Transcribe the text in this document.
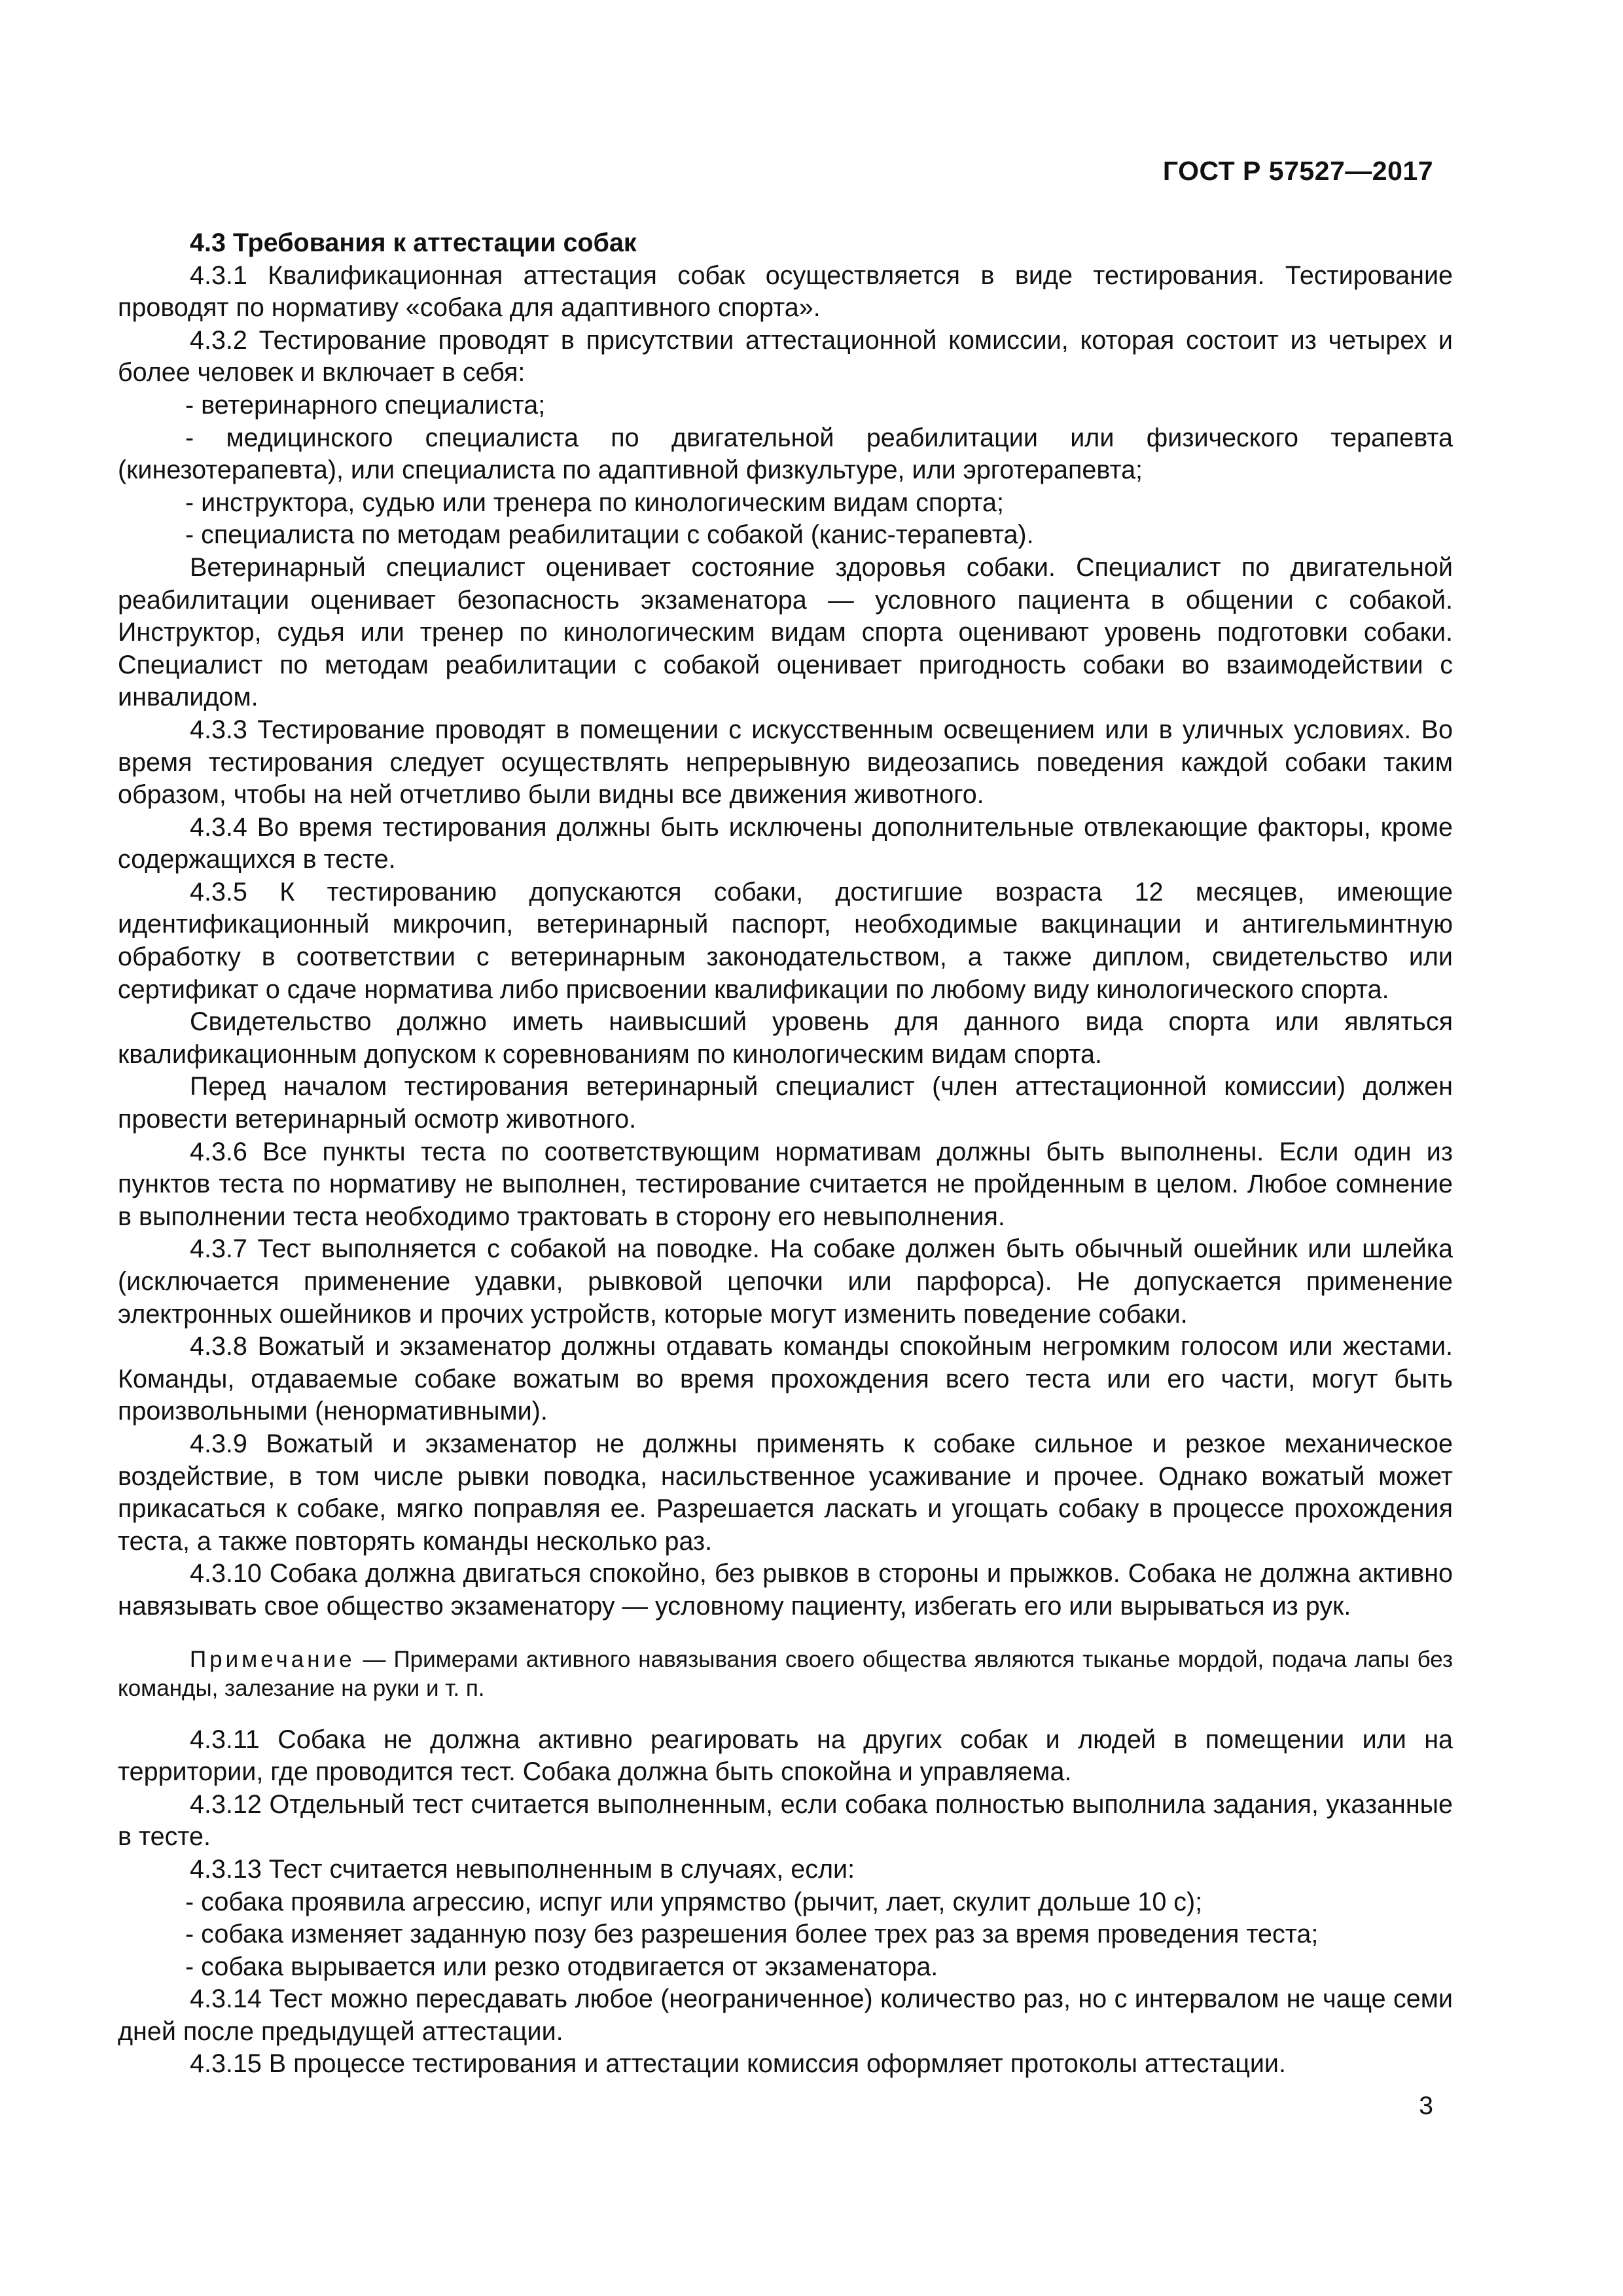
ГОСТ Р 57527—2017

4.3 Требования к аттестации собак

4.3.1 Квалификационная аттестация собак осуществляется в виде тестирования. Тестирование проводят по нормативу «собака для адаптивного спорта».

4.3.2 Тестирование проводят в присутствии аттестационной комиссии, которая состоит из четырех и более человек и включает в себя:

- ветеринарного специалиста;

- медицинского специалиста по двигательной реабилитации или физического терапевта (кинезотерапевта), или специалиста по адаптивной физкультуре, или эрготерапевта;

- инструктора, судью или тренера по кинологическим видам спорта;

- специалиста по методам реабилитации с собакой (канис-терапевта).

Ветеринарный специалист оценивает состояние здоровья собаки. Специалист по двигательной реабилитации оценивает безопасность экзаменатора — условного пациента в общении с собакой. Инструктор, судья или тренер по кинологическим видам спорта оценивают уровень подготовки собаки. Специалист по методам реабилитации с собакой оценивает пригодность собаки во взаимодействии с инвалидом.

4.3.3 Тестирование проводят в помещении с искусственным освещением или в уличных условиях. Во время тестирования следует осуществлять непрерывную видеозапись поведения каждой собаки таким образом, чтобы на ней отчетливо были видны все движения животного.

4.3.4 Во время тестирования должны быть исключены дополнительные отвлекающие факторы, кроме содержащихся в тесте.

4.3.5 К тестированию допускаются собаки, достигшие возраста 12 месяцев, имеющие идентификационный микрочип, ветеринарный паспорт, необходимые вакцинации и антигельминтную обработку в соответствии с ветеринарным законодательством, а также диплом, свидетельство или сертификат о сдаче норматива либо присвоении квалификации по любому виду кинологического спорта.

Свидетельство должно иметь наивысший уровень для данного вида спорта или являться квалификационным допуском к соревнованиям по кинологическим видам спорта.

Перед началом тестирования ветеринарный специалист (член аттестационной комиссии) должен провести ветеринарный осмотр животного.

4.3.6 Все пункты теста по соответствующим нормативам должны быть выполнены. Если один из пунктов теста по нормативу не выполнен, тестирование считается не пройденным в целом. Любое сомнение в выполнении теста необходимо трактовать в сторону его невыполнения.

4.3.7 Тест выполняется с собакой на поводке. На собаке должен быть обычный ошейник или шлейка (исключается применение удавки, рывковой цепочки или парфорса). Не допускается применение электронных ошейников и прочих устройств, которые могут изменить поведение собаки.

4.3.8 Вожатый и экзаменатор должны отдавать команды спокойным негромким голосом или жестами. Команды, отдаваемые собаке вожатым во время прохождения всего теста или его части, могут быть произвольными (ненормативными).

4.3.9 Вожатый и экзаменатор не должны применять к собаке сильное и резкое механическое воздействие, в том числе рывки поводка, насильственное усаживание и прочее. Однако вожатый может прикасаться к собаке, мягко поправляя ее. Разрешается ласкать и угощать собаку в процессе прохождения теста, а также повторять команды несколько раз.

4.3.10 Собака должна двигаться спокойно, без рывков в стороны и прыжков. Собака не должна активно навязывать свое общество экзаменатору — условному пациенту, избегать его или вырываться из рук.

Примечание — Примерами активного навязывания своего общества являются тыканье мордой, подача лапы без команды, залезание на руки и т. п.

4.3.11 Собака не должна активно реагировать на других собак и людей в помещении или на территории, где проводится тест. Собака должна быть спокойна и управляема.

4.3.12 Отдельный тест считается выполненным, если собака полностью выполнила задания, указанные в тесте.

4.3.13 Тест считается невыполненным в случаях, если:

- собака проявила агрессию, испуг или упрямство (рычит, лает, скулит дольше 10 с);

- собака изменяет заданную позу без разрешения более трех раз за время проведения теста;

- собака вырывается или резко отодвигается от экзаменатора.

4.3.14 Тест можно пересдавать любое (неограниченное) количество раз, но с интервалом не чаще семи дней после предыдущей аттестации.

4.3.15 В процессе тестирования и аттестации комиссия оформляет протоколы аттестации.

3
